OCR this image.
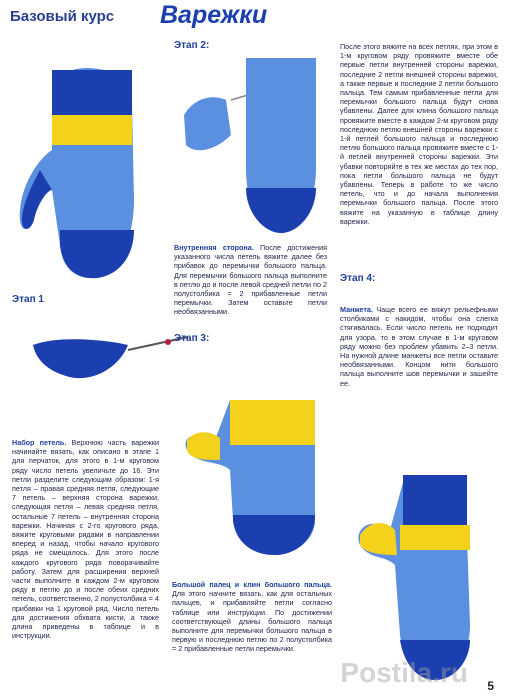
Базовый курс Варежки
Этап 2:
Этап 1
Набор петель. Верхнюю часть варежки начинайте вязать, как описано в этапе 1 для перчаток, для этого в 1-м круговом ряду число петель увеличьте до 16. Эти петли разделите следующим образом: 1-я петля – правая средняя петля, следующие 7 петель – верхняя сторона варежки, следующая петля – левая средняя петля, остальные 7 петель – внутренняя сторона варежки. Начиная с 2-го кругового ряда, вяжите круговыми рядами в направлении вперед и назад, чтобы начало кругового ряда не смещалось. Для этого после каждого кругового ряда поворачивайте работу. Затем для расширения верхней части выполните в каждом 2-м круговом ряду в петлю до и после обеих средних петель, соответственно, 2 полустолбика = 4 прибавки на 1 круговой ряд. Число петель для достижения обхвата кисти, а также длина приведены в таблице и в инструкции.
Внутренняя сторона. После достижения указанного числа петель вяжите далее без прибавок до перемычки большого пальца. Для перемычки большого пальца выполните в петлю до и после левой средней петли по 2 полустолбика = 2 прибавленные петли перемычки. Затем оставьте петли необвязанными.
Этап 3:
Большой палец и клин большого пальца. Для этого начните вязать, как для остальных пальцев, и прибавляйте петли согласно таблице или инструкции. По достижении соответствующей длины большого пальца выполните для перемычки большого пальца в первую и последнюю петлю по 2 полустолбика = 2 прибавленные петли перемычки.
После этого вяжите на всех петлях, при этом в 1-м круговом ряду провяжите вместе обе первые петли внутренней стороны варежки, последние 2 петли внешней стороны варежки, а также первые и последние 2 петли большого пальца. Тем самым прибавленные петли для перемычки большого пальца будут снова убавлены. Далее для клина большого пальца провяжите вместе в каждом 2-м круговом ряду последнюю петлю внешней стороны варежки с 1-й петлей большого пальца и последнюю петлю большого пальца провяжите вместе с 1-й петлей внутренней стороны варежки. Эти убавки повторяйте в тех же местах до тех пор, пока петли большого пальца не будут убавлены. Теперь в работе то же число петель, что и до начала выполнения перемычки большого пальца. После этого вяжите на указанную в таблице длину варежки.
Этап 4:
Манжета. Чаще всего ее вяжут рельефными столбиками с накидом, чтобы она слегка стягивалась. Если число петель не подходит для узора, то в этом случае в 1-м круговом ряду можно без проблем убавить 2–3 петли. На нужной длине манжеты все петли оставьте необвязанными. Концом нити большого пальца выполните шов перемычки и зашейте ее.
Postila.ru 5
